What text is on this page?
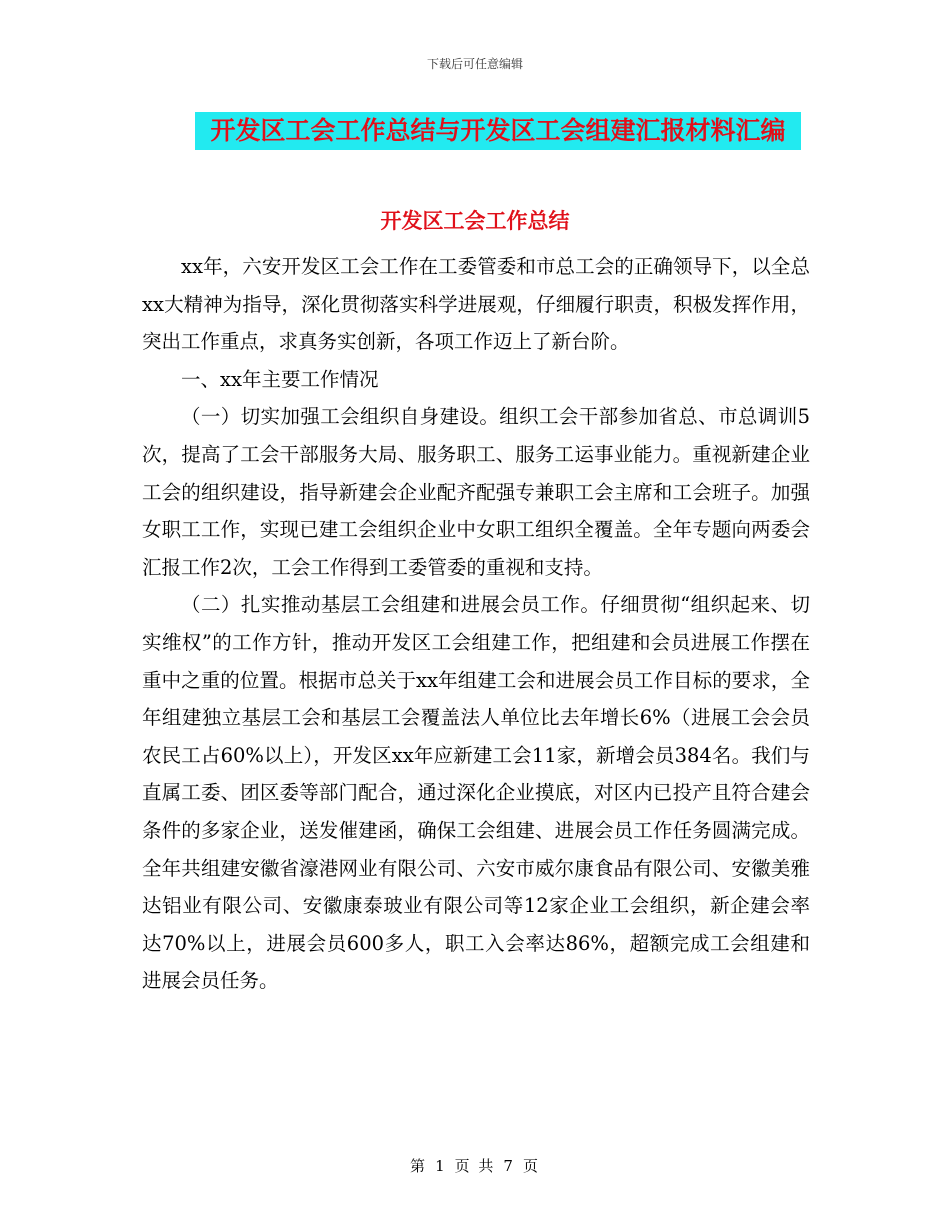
下载后可任意编辑
开发区工会工作总结与开发区工会组建汇报材料汇编
开发区工会工作总结

xx年，六安开发区工会工作在工委管委和市总工会的正确领导下，以全总xx大精神为指导，深化贯彻落实科学进展观，仔细履行职责，积极发挥作用，突出工作重点，求真务实创新，各项工作迈上了新台阶。

一、xx年主要工作情况

（一）切实加强工会组织自身建设。组织工会干部参加省总、市总调训5次，提高了工会干部服务大局、服务职工、服务工运事业能力。重视新建企业工会的组织建设，指导新建会企业配齐配强专兼职工会主席和工会班子。加强女职工工作，实现已建工会组织企业中女职工组织全覆盖。全年专题向两委会汇报工作2次，工会工作得到工委管委的重视和支持。

（二）扎实推动基层工会组建和进展会员工作。仔细贯彻“组织起来、切实维权”的工作方针，推动开发区工会组建工作，把组建和会员进展工作摆在重中之重的位置。根据市总关于xx年组建工会和进展会员工作目标的要求，全年组建独立基层工会和基层工会覆盖法人单位比去年增长6%（进展工会会员农民工占60%以上），开发区xx年应新建工会11家，新增会员384名。我们与直属工委、团区委等部门配合，通过深化企业摸底，对区内已投产且符合建会条件的多家企业，送发催建函，确保工会组建、进展会员工作任务圆满完成。全年共组建安徽省濠港网业有限公司、六安市威尔康食品有限公司、安徽美雅达铝业有限公司、安徽康泰玻业有限公司等12家企业工会组织，新企建会率达70%以上，进展会员600多人，职工入会率达86%，超额完成工会组建和进展会员任务。

第 1 页 共 7 页
